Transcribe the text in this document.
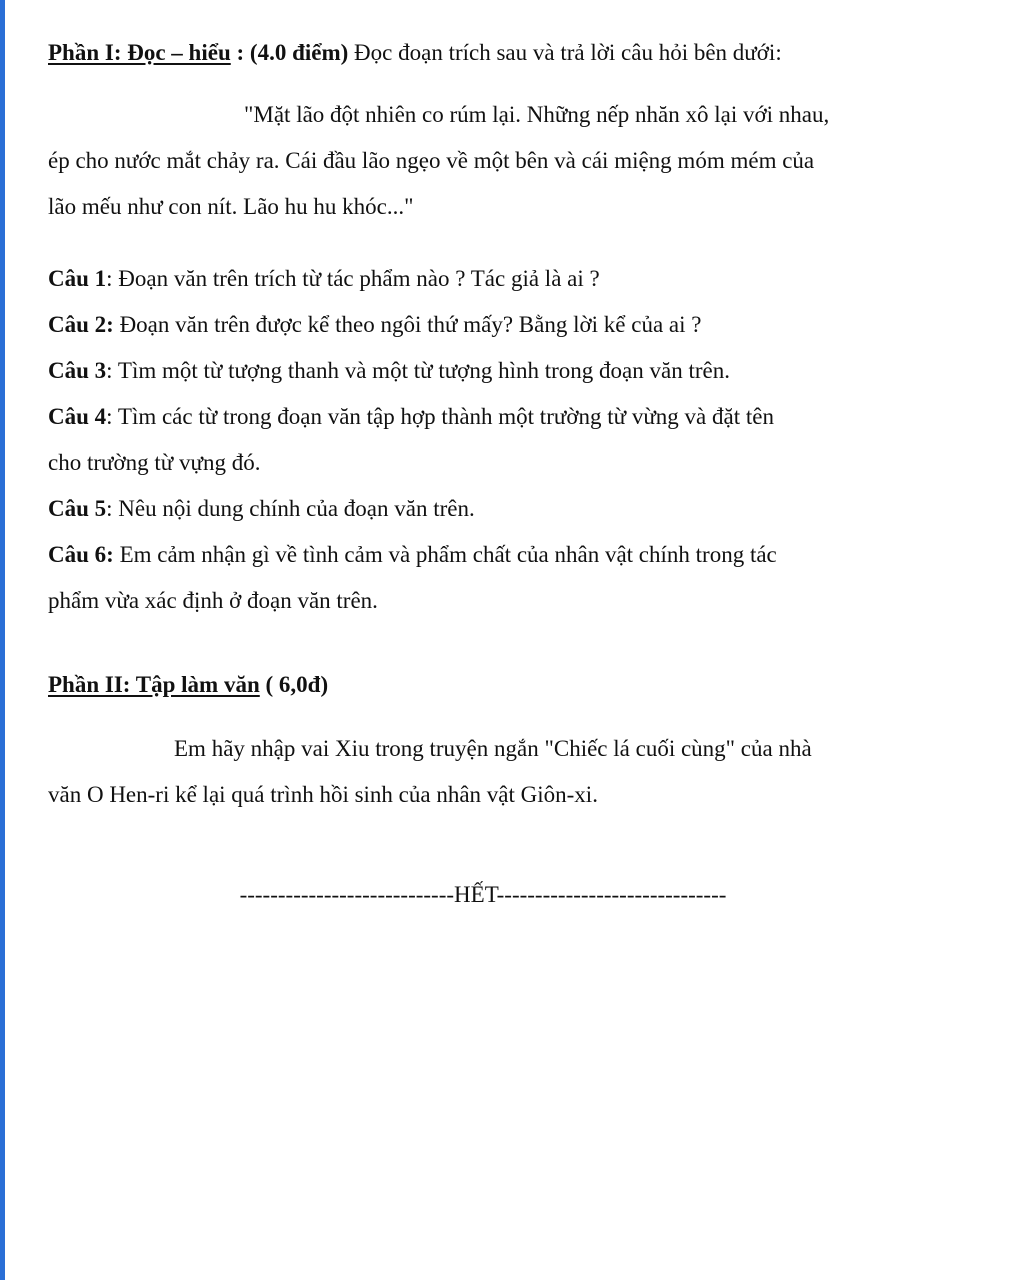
Phần I: Đọc – hiểu : (4.0 điểm) Đọc đoạn trích sau và trả lời câu hỏi bên dưới:
"Mặt lão đột nhiên co rúm lại. Những nếp nhăn xô lại với nhau,
ép cho nước mắt chảy ra. Cái đầu lão ngẹo về một bên và cái miệng móm mém của
lão mếu như con nít. Lão hu hu khóc..."
Câu 1: Đoạn văn trên trích từ tác phẩm nào ? Tác giả là ai ?
Câu 2: Đoạn văn trên được kể theo ngôi thứ mấy? Bằng lời kể của ai ?
Câu 3: Tìm một từ tượng thanh và một từ tượng hình trong đoạn văn trên.
Câu 4: Tìm các từ trong đoạn văn tập hợp thành một trường từ vừng và đặt tên
cho trường từ vựng đó.
Câu 5: Nêu nội dung chính của đoạn văn trên.
Câu 6: Em cảm nhận gì về tình cảm và phẩm chất của nhân vật chính trong tác
phẩm vừa xác định ở đoạn văn trên.
Phần II: Tập làm văn ( 6,0đ)
Em hãy nhập vai Xiu trong truyện ngắn "Chiếc lá cuối cùng" của nhà
văn O Hen-ri kể lại quá trình hồi sinh của nhân vật Giôn-xi.
----------------------------HẾT------------------------------
